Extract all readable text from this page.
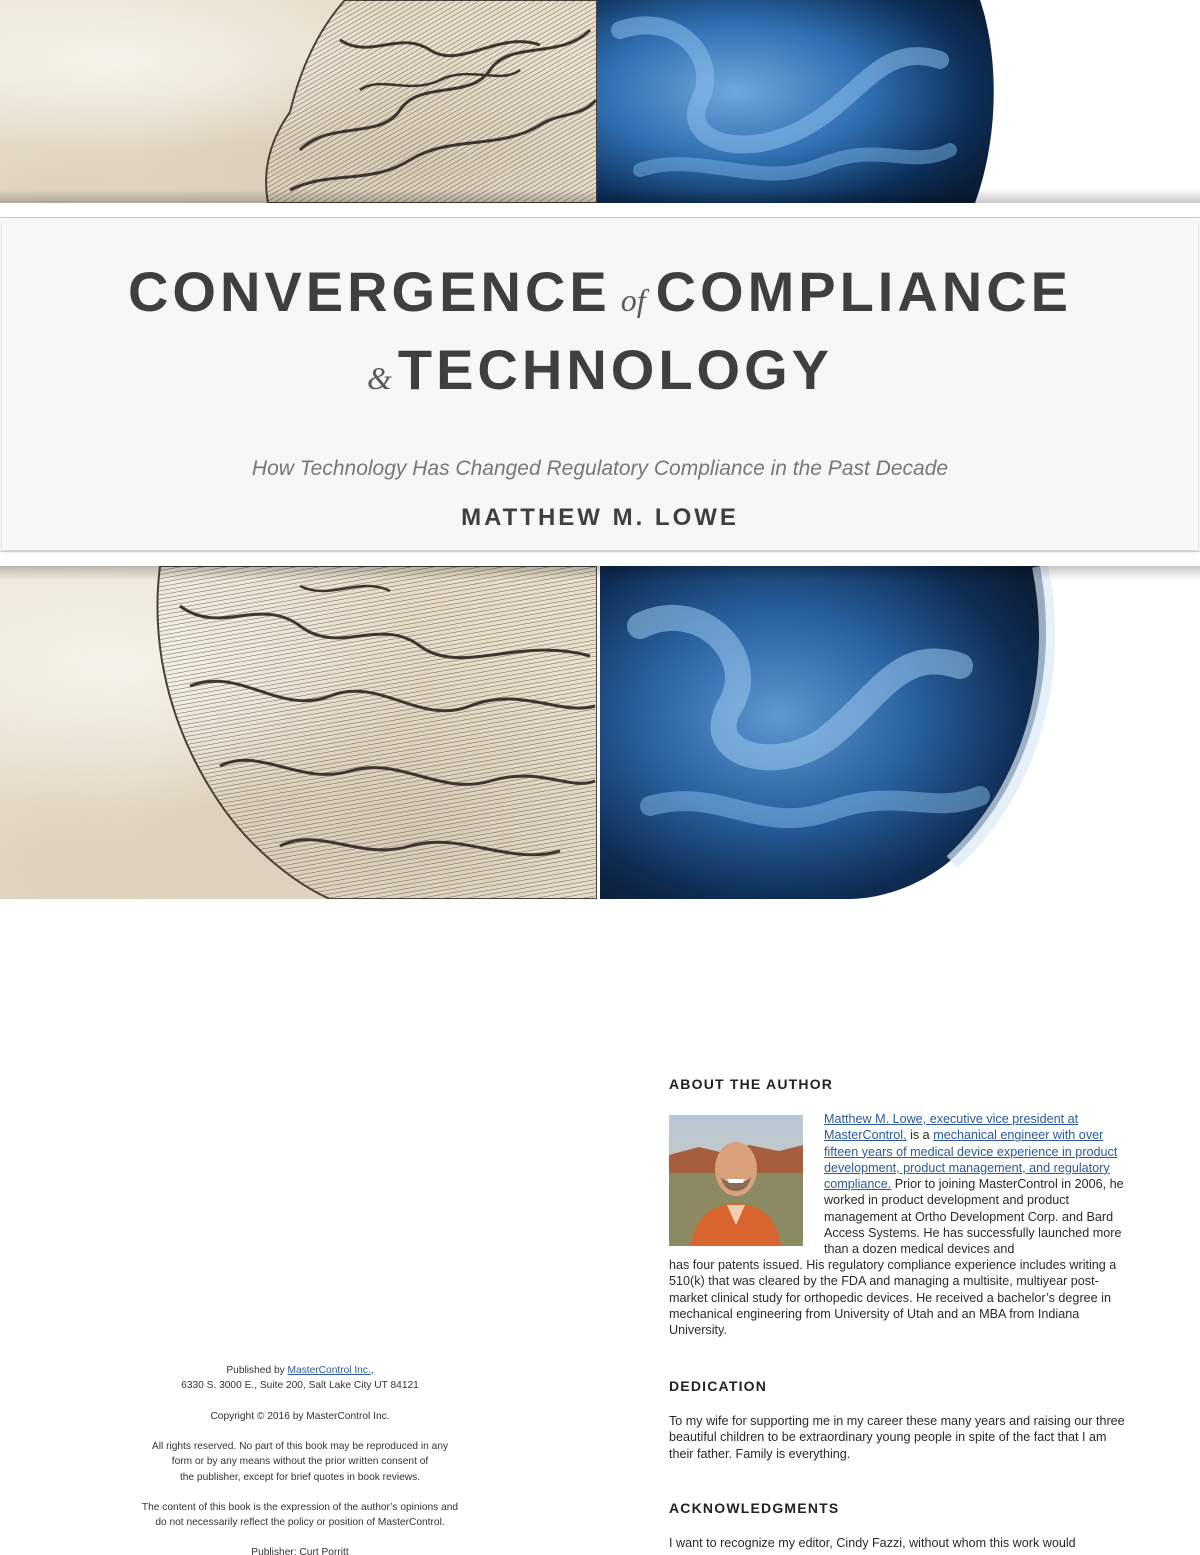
CONVERGENCE of COMPLIANCE
& TECHNOLOGY
How Technology Has Changed Regulatory Compliance in the Past Decade
MATTHEW M. LOWE
ABOUT THE AUTHOR
Matthew M. Lowe, executive vice president at MasterControl, is a mechanical engineer with over fifteen years of medical device experience in product development, product management, and regulatory compliance. Prior to joining MasterControl in 2006, he worked in product development and product management at Ortho Development Corp. and Bard Access Systems. He has successfully launched more than a dozen medical devices and
has four patents issued. His regulatory compliance experience includes writing a 510(k) that was cleared by the FDA and managing a multisite, multiyear post-market clinical study for orthopedic devices. He received a bachelor’s degree in mechanical engineering from University of Utah and an MBA from Indiana University.
DEDICATION
To my wife for supporting me in my career these many years and raising our three beautiful children to be extraordinary young people in spite of the fact that I am their father. Family is everything.
ACKNOWLEDGMENTS
I want to recognize my editor, Cindy Fazzi, without whom this work would

Published by MasterControl Inc.,

6330 S. 3000 E., Suite 200, Salt Lake City UT 84121

Copyright © 2016 by MasterControl Inc.

All rights reserved. No part of this book may be reproduced in any

form or by any means without the prior written consent of

the publisher, except for brief quotes in book reviews.

The content of this book is the expression of the author’s opinions and

do not necessarily reflect the policy or position of MasterControl.

Publisher: Curt Porritt
